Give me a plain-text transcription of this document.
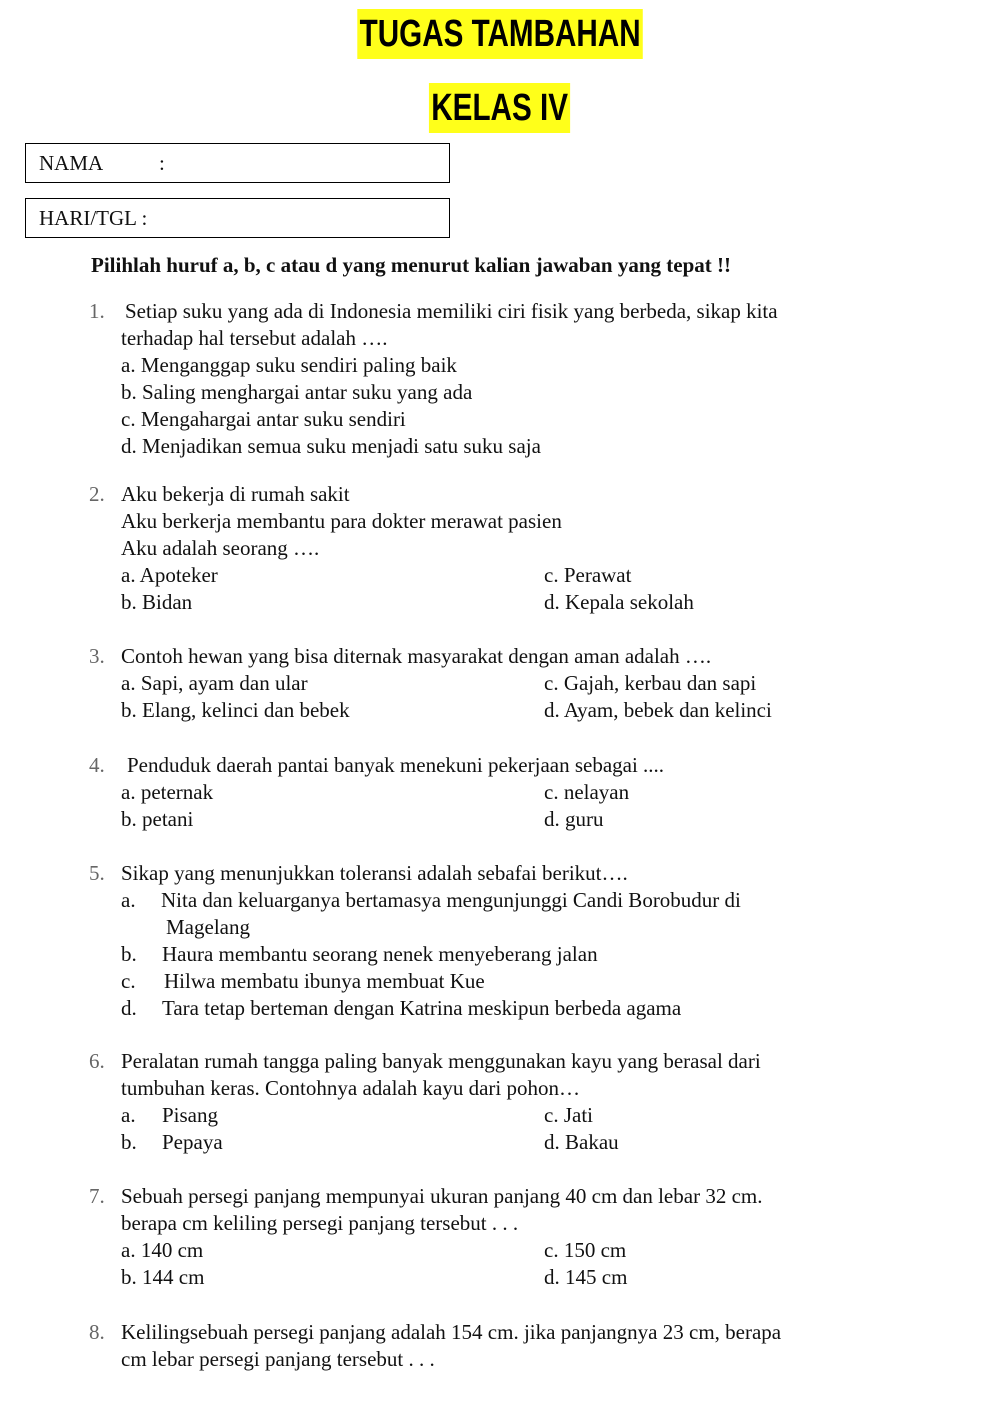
TUGAS TAMBAHAN
KELAS IV
NAMA	:
HARI/TGL :
Pilihlah huruf a, b, c atau d yang menurut kalian jawaban yang tepat !!
1. Setiap suku yang ada di Indonesia memiliki ciri fisik yang berbeda, sikap kita
terhadap hal tersebut adalah ….
a. Menganggap suku sendiri paling baik
b. Saling menghargai antar suku yang ada
c. Mengahargai antar suku sendiri
d. Menjadikan semua suku menjadi satu suku saja
2. Aku bekerja di rumah sakit
Aku berkerja membantu para dokter merawat pasien
Aku adalah seorang ….
a. Apoteker
b. Bidan
c. Perawat
d. Kepala sekolah
3. Contoh hewan yang bisa diternak masyarakat dengan aman adalah ….
a. Sapi, ayam dan ular
b. Elang, kelinci dan bebek
c. Gajah, kerbau dan sapi
d. Ayam, bebek dan kelinci
4. Penduduk daerah pantai banyak menekuni pekerjaan sebagai ....
a. peternak
b. petani
c. nelayan
d. guru
5. Sikap yang menunjukkan toleransi adalah sebafai berikut….
a. Nita dan keluarganya bertamasya mengunjunggi Candi Borobudur di
Magelang
b. Haura membantu seorang nenek menyeberang jalan
c. Hilwa membatu ibunya membuat Kue
d. Tara tetap berteman dengan Katrina meskipun berbeda agama
6. Peralatan rumah tangga paling banyak menggunakan kayu yang berasal dari
tumbuhan keras. Contohnya adalah kayu dari pohon…
a. Pisang
b. Pepaya
c. Jati
d. Bakau
7. Sebuah persegi panjang mempunyai ukuran panjang 40 cm dan lebar 32 cm.
berapa cm keliling persegi panjang tersebut . . .
a. 140 cm
b. 144 cm
c. 150 cm
d. 145 cm
8. Kelilingsebuah persegi panjang adalah 154 cm. jika panjangnya 23 cm, berapa
cm lebar persegi panjang tersebut . . .
